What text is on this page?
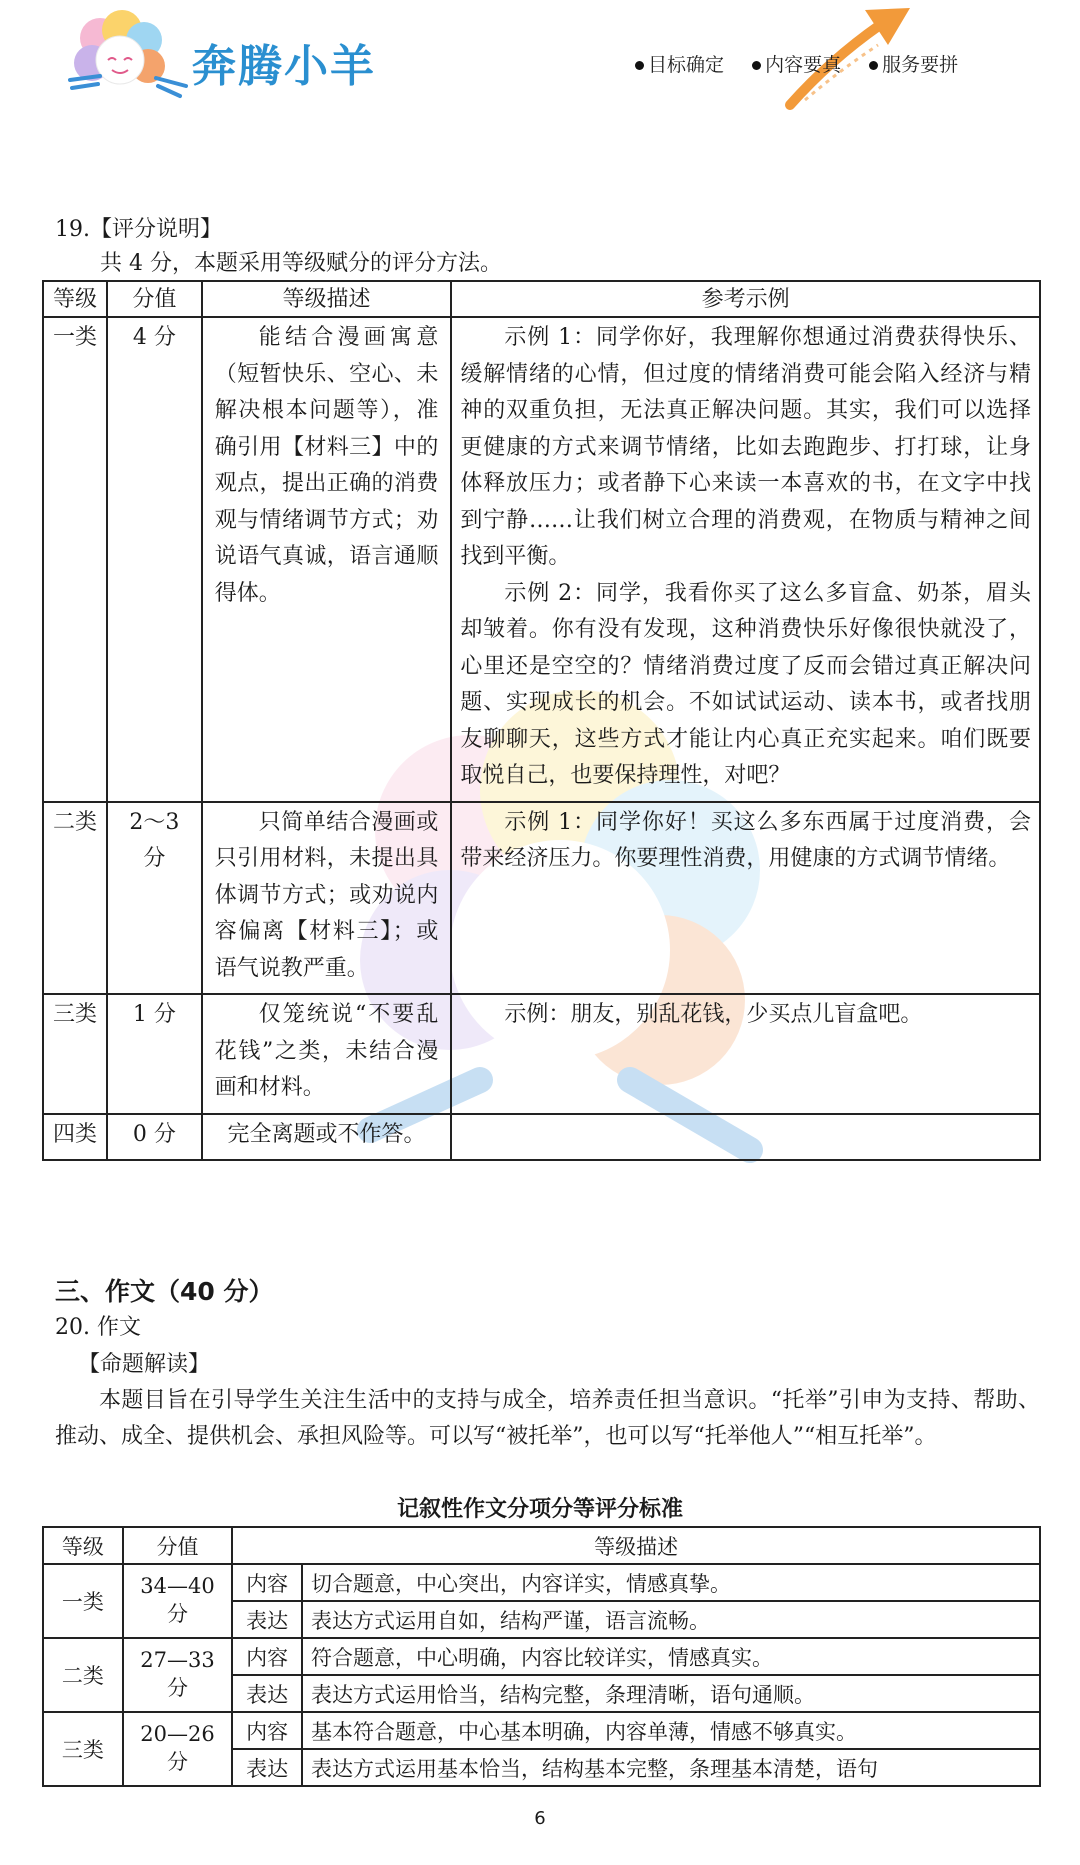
奔腾小羊	目标确定 内容要真 服务要拼
19.【评分说明】
共 4 分，本题采用等级赋分的评分方法。
等级	分值	等级描述	参考示例
一类	4 分	能结合漫画寓意（短暂快乐、空心、未解决根本问题等），准确引用【材料三】中的观点，提出正确的消费观与情绪调节方式；劝说语气真诚，语言通顺得体。	示例 1：同学你好，我理解你想通过消费获得快乐、缓解情绪的心情，但过度的情绪消费可能会陷入经济与精神的双重负担，无法真正解决问题。其实，我们可以选择更健康的方式来调节情绪，比如去跑跑步、打打球，让身体释放压力；或者静下心来读一本喜欢的书，在文字中找到宁静……让我们树立合理的消费观，在物质与精神之间找到平衡。

示例 2：同学，我看你买了这么多盲盒、奶茶，眉头却皱着。你有没有发现，这种消费快乐好像很快就没了，心里还是空空的？情绪消费过度了反而会错过真正解决问题、实现成长的机会。不如试试运动、读本书，或者找朋友聊聊天，这些方式才能让内心真正充实起来。咱们既要取悦自己，也要保持理性，对吧？

二类	2～3 分	只简单结合漫画或只引用材料，未提出具体调节方式；或劝说内容偏离【材料三】；或语气说教严重。	示例 1：同学你好！买这么多东西属于过度消费，会带来经济压力。你要理性消费，用健康的方式调节情绪。

三类	1 分	仅笼统说“不要乱花钱”之类，未结合漫画和材料。	示例：朋友，别乱花钱，少买点儿盲盒吧。

四类	0 分	完全离题或不作答。	

三、作文（40 分）
20. 作文
【命题解读】

本题目旨在引导学生关注生活中的支持与成全，培养责任担当意识。“托举”引申为支持、帮助、推动、成全、提供机会、承担风险等。可以写“被托举”，也可以写“托举他人”“相互托举”。

记叙性作文分项分等评分标准
等级	分值	等级描述	
一类	34—40 分	内容	切合题意，中心突出，内容详实，情感真挚。
		表达	表达方式运用自如，结构严谨，语言流畅。
二类	27—33 分	内容	符合题意，中心明确，内容比较详实，情感真实。
		表达	表达方式运用恰当，结构完整，条理清晰，语句通顺。
三类	20—26 分	内容	基本符合题意，中心基本明确，内容单薄，情感不够真实。
		表达	表达方式运用基本恰当，结构基本完整，条理基本清楚，语句
6
